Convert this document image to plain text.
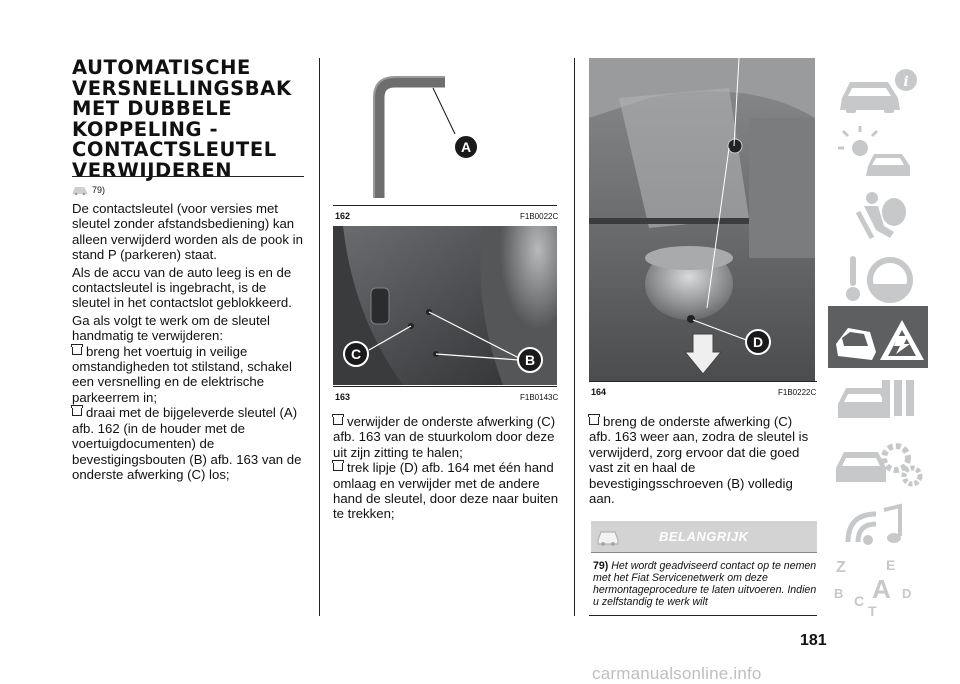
AUTOMATISCHE
VERSNELLINGSBAK
MET DUBBELE
KOPPELING -
CONTACTSLEUTEL
VERWIJDEREN
79)

De contactsleutel (voor versies met sleutel zonder afstandsbediening) kan alleen verwijderd worden als de pook in stand P (parkeren) staat.

Als de accu van de auto leeg is en de contactsleutel is ingebracht, is de sleutel in het contactslot geblokkeerd.

Ga als volgt te werk om de sleutel handmatig te verwijderen:

breng het voertuig in veilige omstandigheden tot stilstand, schakel een versnelling en de elektrische parkeerrem in;

draai met de bijgeleverde sleutel (A) afb. 162 (in de houder met de voertuigdocumenten) de bevestigingsbouten (B) afb. 163 van de onderste afwerking (C) los;

A
162	F1B0022C
C	B
163	F1B0143C

verwijder de onderste afwerking (C) afb. 163 van de stuurkolom door deze uit zijn zitting te halen;

trek lipje (D) afb. 164 met één hand omlaag en verwijder met de andere hand de sleutel, door deze naar buiten te trekken;

D
164	F1B0222C

breng de onderste afwerking (C) afb. 163 weer aan, zodra de sleutel is verwijderd, zorg ervoor dat die goed vast zit en haal de bevestigingsschroeven (B) volledig aan.

BELANGRIJK

79) Het wordt geadviseerd contact op te nemen met het Fiat Servicenetwerk om deze hermontageprocedure te laten uitvoeren. Indien u zelfstandig te werk wilt

i
Z	E
B A
C	D
T
181
carmanualsonline.info
